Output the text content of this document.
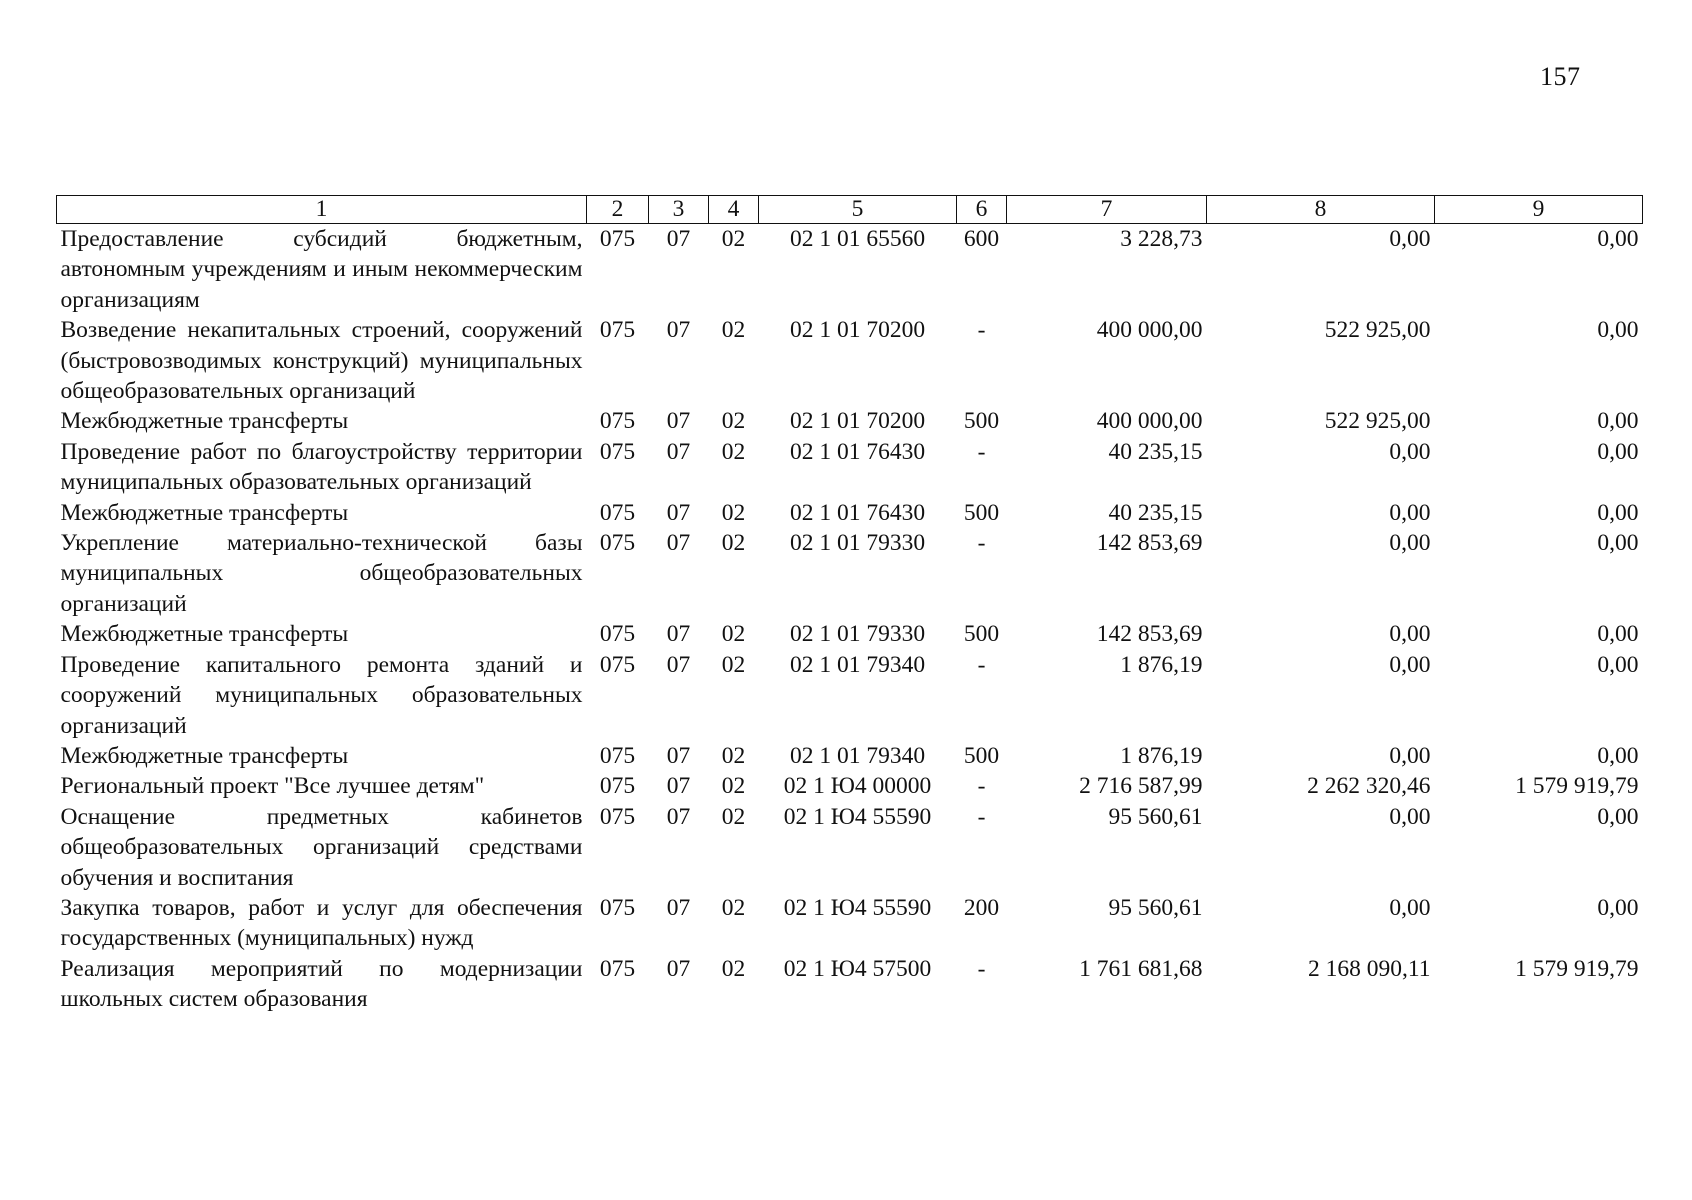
157
1	2	3	4	5	6	7	8	9
Предоставление субсидий бюджетным, автономным учреждениям и иным некоммерческим организациям	075	07	02	02 1 01 65560	600	3 228,73	0,00	0,00
Возведение некапитальных строений, сооружений (быстровозводимых конструкций) муниципальных общеобразовательных организаций	075	07	02	02 1 01 70200	-	400 000,00	522 925,00	0,00
Межбюджетные трансферты	075	07	02	02 1 01 70200	500	400 000,00	522 925,00	0,00
Проведение работ по благоустройству территории муниципальных образовательных организаций	075	07	02	02 1 01 76430	-	40 235,15	0,00	0,00
Межбюджетные трансферты	075	07	02	02 1 01 76430	500	40 235,15	0,00	0,00
Укрепление материально-технической базы муниципальных общеобразовательных организаций	075	07	02	02 1 01 79330	-	142 853,69	0,00	0,00
Межбюджетные трансферты	075	07	02	02 1 01 79330	500	142 853,69	0,00	0,00
Проведение капитального ремонта зданий и сооружений муниципальных образовательных организаций	075	07	02	02 1 01 79340	-	1 876,19	0,00	0,00
Межбюджетные трансферты	075	07	02	02 1 01 79340	500	1 876,19	0,00	0,00
Региональный проект "Все лучшее детям"	075	07	02	02 1 Ю4 00000	-	2 716 587,99	2 262 320,46	1 579 919,79
Оснащение предметных кабинетов общеобразовательных организаций средствами обучения и воспитания	075	07	02	02 1 Ю4 55590	-	95 560,61	0,00	0,00
Закупка товаров, работ и услуг для обеспечения государственных (муниципальных) нужд	075	07	02	02 1 Ю4 55590	200	95 560,61	0,00	0,00
Реализация мероприятий по модернизации школьных систем образования	075	07	02	02 1 Ю4 57500	-	1 761 681,68	2 168 090,11	1 579 919,79
